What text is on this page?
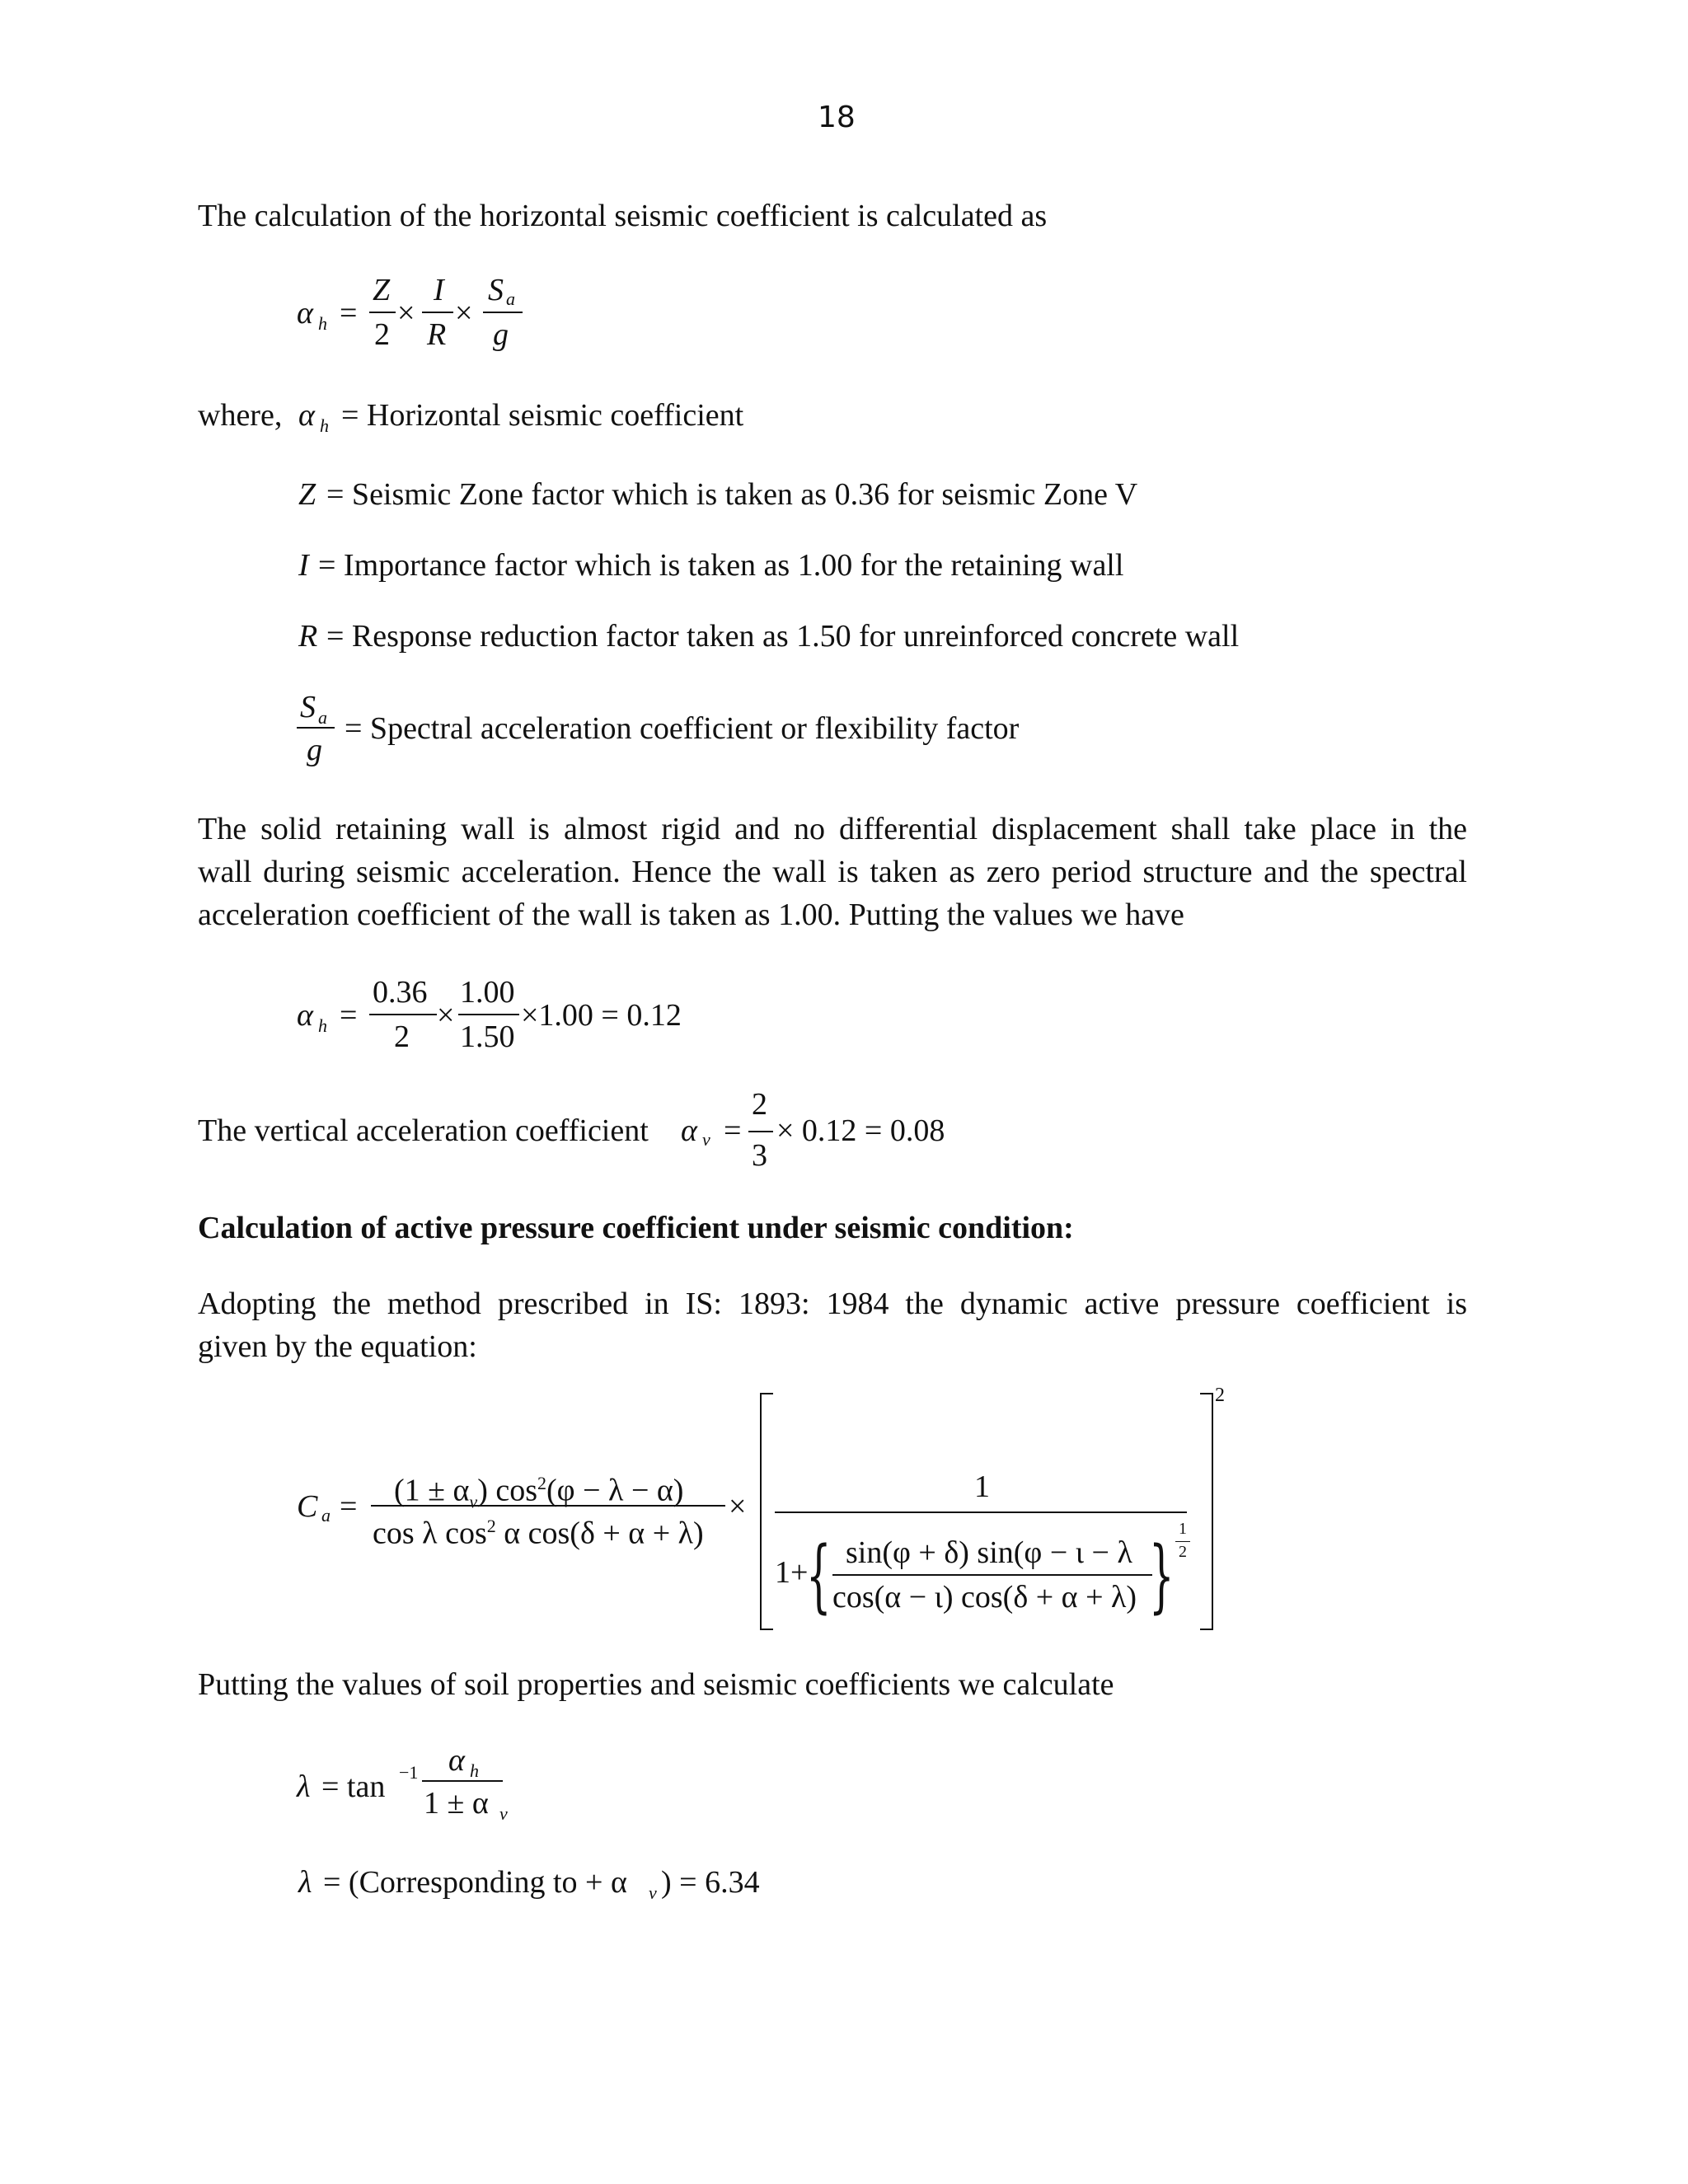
18
The calculation of the horizontal seismic coefficient is calculated as
α h =
Z
2
×
I
R
×
S a
g
where, α h = Horizontal seismic coefficient
Z = Seismic Zone factor which is taken as 0.36 for seismic Zone V
I = Importance factor which is taken as 1.00 for the retaining wall
R = Response reduction factor taken as 1.50 for unreinforced concrete wall
S a
g
= Spectral acceleration coefficient or flexibility factor
The solid retaining wall is almost rigid and no differential displacement shall take place in the
wall during seismic acceleration. Hence the wall is taken as zero period structure and the spectral
acceleration coefficient of the wall is taken as 1.00. Putting the values we have
α h =
0.36
2
×
1.00
1.50
×1.00 = 0.12
The vertical acceleration coefficient α v =
2
3
× 0.12 = 0.08
Calculation of active pressure coefficient under seismic condition:
Adopting the method prescribed in IS: 1893: 1984 the dynamic active pressure coefficient is
given by the equation:
C $a = (1 \pm \alpha_v)$ $\cos^2(\varphi - \lambda - \alpha)$
cos λ $\cos^2 \alpha$ cos(δ + α + λ)
×
2
1
1+
{	}
sin(φ + δ) sin(φ − ι − λ
cos(α − ι) cos(δ + α + λ)
1
2
Putting the values of soil properties and seismic coefficients we calculate
λ = tan −1 α h
1 ± α v
λ = (Corresponding to + α v ) = 6.34
